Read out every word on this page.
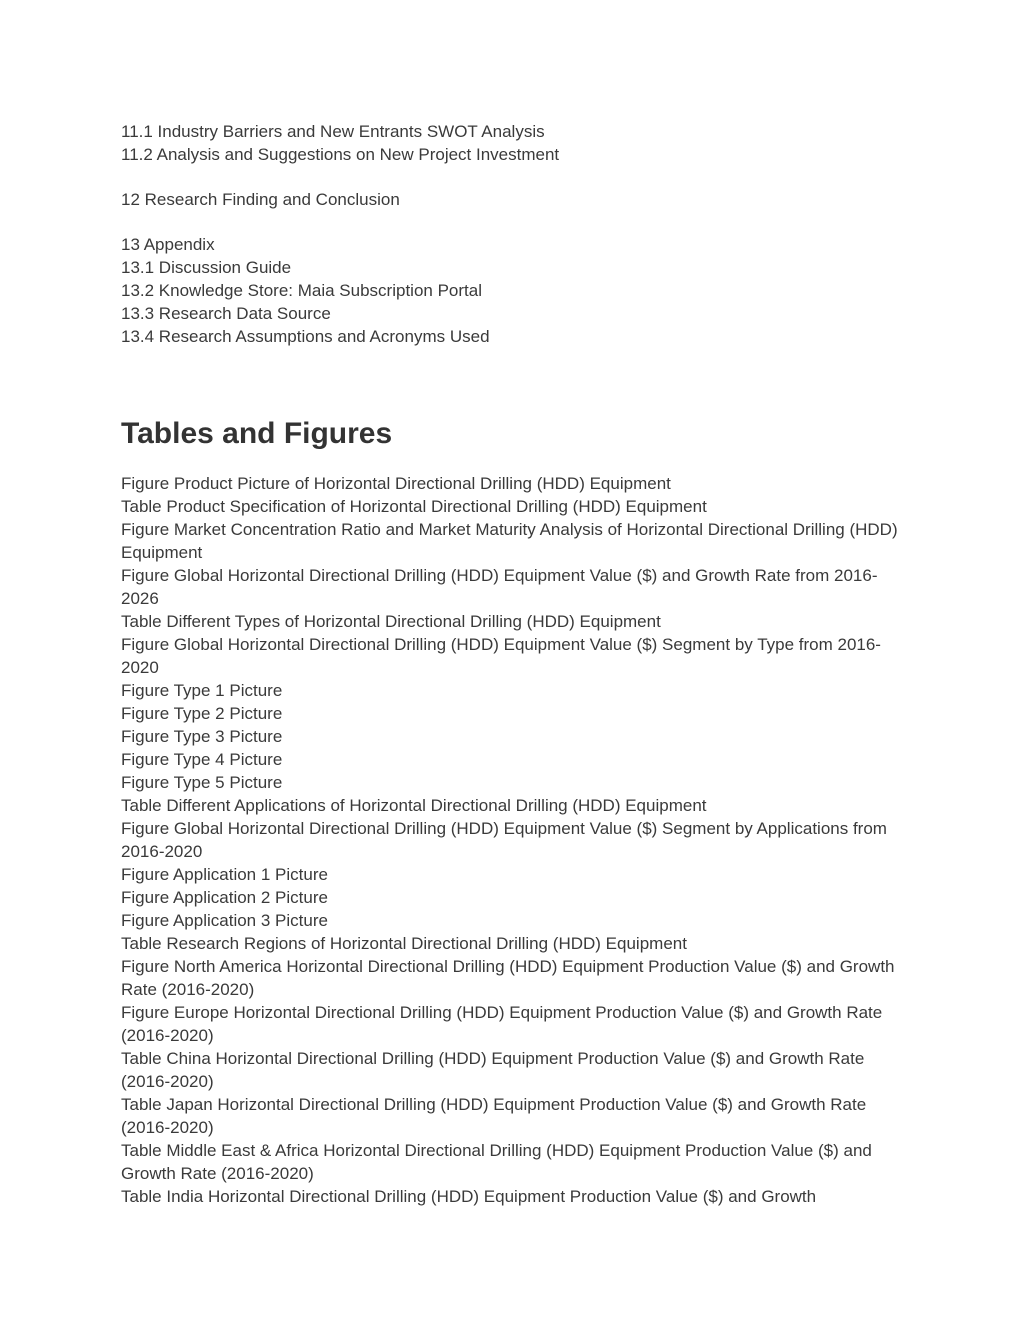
11.1 Industry Barriers and New Entrants SWOT Analysis

11.2 Analysis and Suggestions on New Project Investment

12 Research Finding and Conclusion

13 Appendix

13.1 Discussion Guide

13.2 Knowledge Store: Maia Subscription Portal

13.3 Research Data Source

13.4 Research Assumptions and Acronyms Used

Tables and Figures

Figure Product Picture of Horizontal Directional Drilling (HDD) Equipment

Table Product Specification of Horizontal Directional Drilling (HDD) Equipment

Figure Market Concentration Ratio and Market Maturity Analysis of Horizontal Directional Drilling (HDD) Equipment

Figure Global Horizontal Directional Drilling (HDD) Equipment Value ($) and Growth Rate from 2016-2026

Table Different Types of Horizontal Directional Drilling (HDD) Equipment

Figure Global Horizontal Directional Drilling (HDD) Equipment Value ($) Segment by Type from 2016-2020

Figure Type 1 Picture

Figure Type 2 Picture

Figure Type 3 Picture

Figure Type 4 Picture

Figure Type 5 Picture

Table Different Applications of Horizontal Directional Drilling (HDD) Equipment

Figure Global Horizontal Directional Drilling (HDD) Equipment Value ($) Segment by Applications from 2016-2020

Figure Application 1 Picture

Figure Application 2 Picture

Figure Application 3 Picture

Table Research Regions of Horizontal Directional Drilling (HDD) Equipment

Figure North America Horizontal Directional Drilling (HDD) Equipment Production Value ($) and Growth Rate (2016-2020)

Figure Europe Horizontal Directional Drilling (HDD) Equipment Production Value ($) and Growth Rate (2016-2020)

Table China Horizontal Directional Drilling (HDD) Equipment Production Value ($) and Growth Rate (2016-2020)

Table Japan Horizontal Directional Drilling (HDD) Equipment Production Value ($) and Growth Rate (2016-2020)

Table Middle East & Africa Horizontal Directional Drilling (HDD) Equipment Production Value ($) and Growth Rate (2016-2020)

Table India Horizontal Directional Drilling (HDD) Equipment Production Value ($) and Growth
